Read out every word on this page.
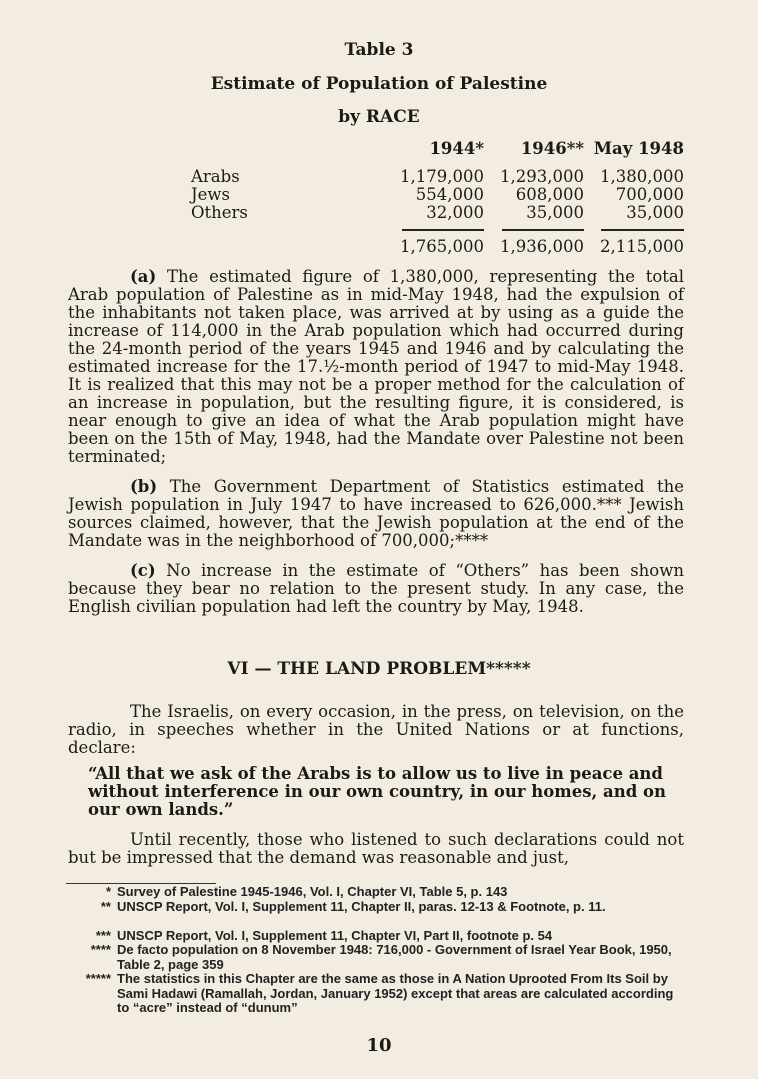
Table 3
Estimate of Population of Palestine
by RACE
1944* 1946** May 1948
Arabs	1,179,000 1,293,000 1,380,000
Jews	554,000 608,000 700,000
Others	32,000	35,000	35,000
1,765,000 1,936,000 2,115,000
(a) The estimated figure of 1,380,000, representing the total Arab population of Palestine as in mid-May 1948, had the expulsion of the inhabitants not taken place, was arrived at by using as a guide the increase of 114,000 in the Arab population which had occurred during the 24-month period of the years 1945 and 1946 and by calculating the estimated increase for the 17.½-month period of 1947 to mid-May 1948. It is realized that this may not be a proper method for the calculation of an increase in population, but the resulting figure, it is considered, is near enough to give an idea of what the Arab population might have been on the 15th of May, 1948, had the Mandate over Palestine not been terminated;
(b) The Government Department of Statistics estimated the Jewish population in July 1947 to have increased to 626,000.*** Jewish sources claimed, however, that the Jewish population at the end of the Mandate was in the neighborhood of 700,000;****
(c) No increase in the estimate of “Others” has been shown because they bear no relation to the present study. In any case, the English civilian population had left the country by May, 1948.
VI — THE LAND PROBLEM*****
The Israelis, on every occasion, in the press, on television, on the radio, in speeches whether in the United Nations or at functions, declare:
“All that we ask of the Arabs is to allow us to live in peace and without interference in our own country, in our homes, and on our own lands.”
Until recently, those who listened to such declarations could not but be impressed that the demand was reasonable and just,
* Survey of Palestine 1945-1946, Vol. I, Chapter VI, Table 5, p. 143
** UNSCP Report, Vol. I, Supplement 11, Chapter II, paras. 12-13 & Footnote, p. 11.
*** UNSCP Report, Vol. I, Supplement 11, Chapter VI, Part II, footnote p. 54
**** De facto population on 8 November 1948: 716,000 - Government of Israel Year Book, 1950, Table 2, page 359
***** The statistics in this Chapter are the same as those in A Nation Uprooted From Its Soil by Sami Hadawi (Ramallah, Jordan, January 1952) except that areas are calculated according to “acre” instead of “dunum”
10
